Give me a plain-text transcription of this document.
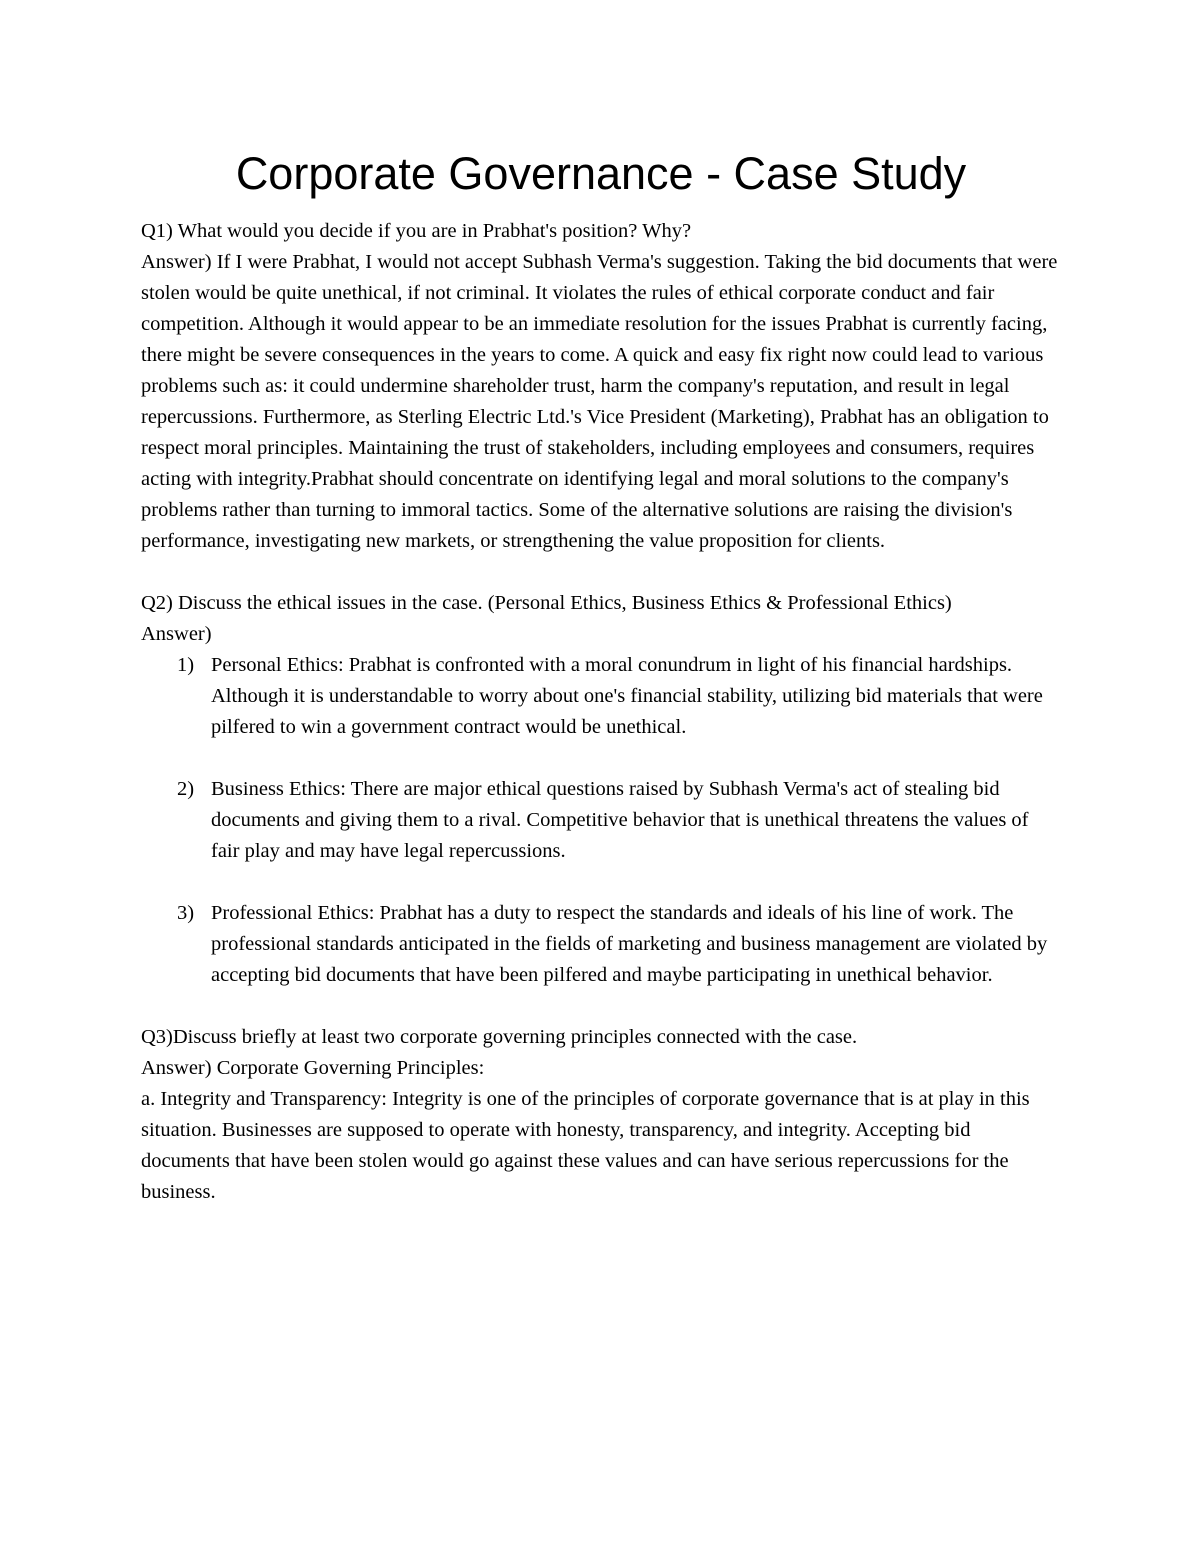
Corporate Governance - Case Study

Q1) What would you decide if you are in Prabhat's position? Why?

Answer) If I were Prabhat, I would not accept Subhash Verma's suggestion. Taking the bid documents that were stolen would be quite unethical, if not criminal. It violates the rules of ethical corporate conduct and fair competition. Although it would appear to be an immediate resolution for the issues Prabhat is currently facing, there might be severe consequences in the years to come. A quick and easy fix right now could lead to various problems such as: it could undermine shareholder trust, harm the company's reputation, and result in legal repercussions. Furthermore, as Sterling Electric Ltd.'s Vice President (Marketing), Prabhat has an obligation to respect moral principles. Maintaining the trust of stakeholders, including employees and consumers, requires acting with integrity.Prabhat should concentrate on identifying legal and moral solutions to the company's problems rather than turning to immoral tactics. Some of the alternative solutions are raising the division's performance, investigating new markets, or strengthening the value proposition for clients.

Q2) Discuss the ethical issues in the case. (Personal Ethics, Business Ethics & Professional Ethics)

Answer)

1) Personal Ethics: Prabhat is confronted with a moral conundrum in light of his financial hardships. Although it is understandable to worry about one's financial stability, utilizing bid materials that were pilfered to win a government contract would be unethical.
2) Business Ethics: There are major ethical questions raised by Subhash Verma's act of stealing bid documents and giving them to a rival. Competitive behavior that is unethical threatens the values of fair play and may have legal repercussions.
3) Professional Ethics: Prabhat has a duty to respect the standards and ideals of his line of work. The professional standards anticipated in the fields of marketing and business management are violated by accepting bid documents that have been pilfered and maybe participating in unethical behavior.

Q3)Discuss briefly at least two corporate governing principles connected with the case.

Answer) Corporate Governing Principles:

a. Integrity and Transparency: Integrity is one of the principles of corporate governance that is at play in this situation. Businesses are supposed to operate with honesty, transparency, and integrity. Accepting bid documents that have been stolen would go against these values and can have serious repercussions for the business.
